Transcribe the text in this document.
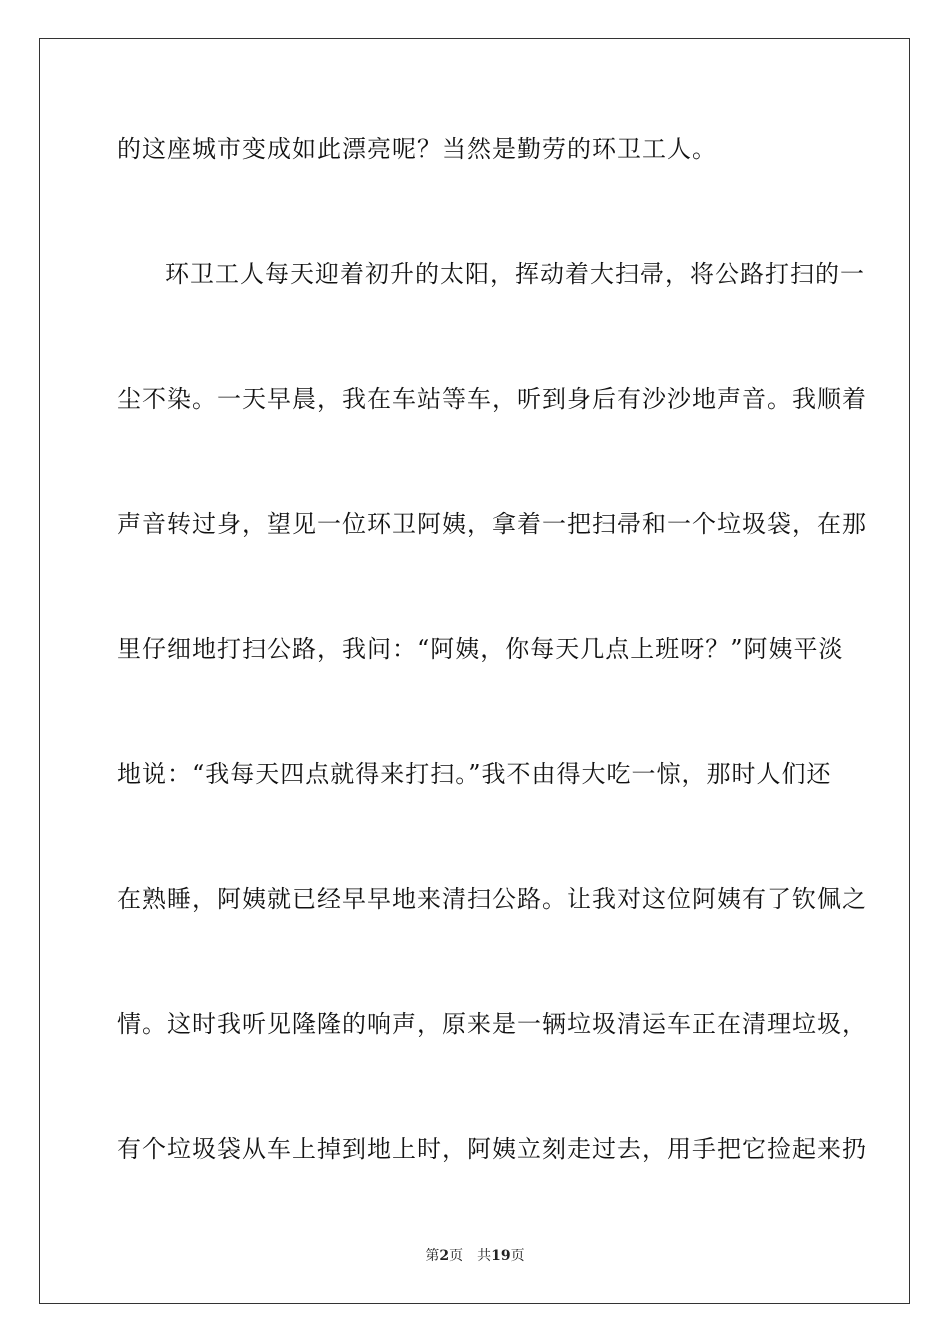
的这座城市变成如此漂亮呢？当然是勤劳的环卫工人。
环卫工人每天迎着初升的太阳，挥动着大扫帚，将公路打扫的一
尘不染。一天早晨，我在车站等车，听到身后有沙沙地声音。我顺着
声音转过身，望见一位环卫阿姨，拿着一把扫帚和一个垃圾袋，在那
里仔细地打扫公路，我问：“阿姨，你每天几点上班呀？”阿姨平淡
地说：“我每天四点就得来打扫。”我不由得大吃一惊，那时人们还
在熟睡，阿姨就已经早早地来清扫公路。让我对这位阿姨有了钦佩之
情。这时我听见隆隆的响声，原来是一辆垃圾清运车正在清理垃圾，
有个垃圾袋从车上掉到地上时，阿姨立刻走过去，用手把它捡起来扔
第2页 共19页
